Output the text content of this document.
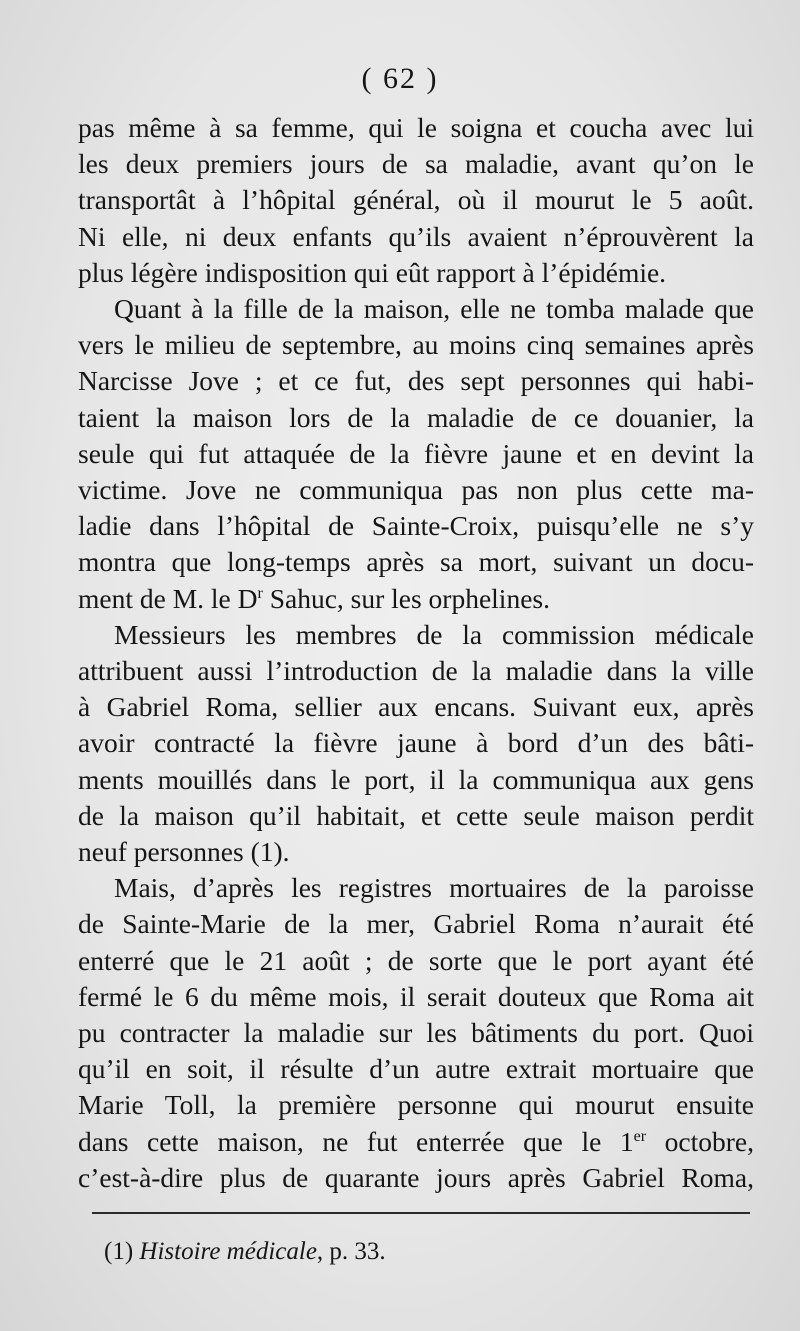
( 62 )

pas même à sa femme, qui le soigna et coucha avec lui
les deux premiers jours de sa maladie, avant qu’on le
transportât à l’hôpital général, où il mourut le 5 août.
Ni elle, ni deux enfants qu’ils avaient n’éprouvèrent la
plus légère indisposition qui eût rapport à l’épidémie.

Quant à la fille de la maison, elle ne tomba malade que
vers le milieu de septembre, au moins cinq semaines après
Narcisse Jove ; et ce fut, des sept personnes qui habi-
taient la maison lors de la maladie de ce douanier, la
seule qui fut attaquée de la fièvre jaune et en devint la
victime. Jove ne communiqua pas non plus cette ma-
ladie dans l’hôpital de Sainte-Croix, puisqu’elle ne s’y
montra que long-temps après sa mort, suivant un docu-
ment de M. le $D^r$ Sahuc, sur les orphelines.

Messieurs les membres de la commission médicale
attribuent aussi l’introduction de la maladie dans la ville
à Gabriel Roma, sellier aux encans. Suivant eux, après
avoir contracté la fièvre jaune à bord d’un des bâti-
ments mouillés dans le port, il la communiqua aux gens
de la maison qu’il habitait, et cette seule maison perdit
neuf personnes (1).

Mais, d’après les registres mortuaires de la paroisse
de Sainte-Marie de la mer, Gabriel Roma n’aurait été
enterré que le 21 août ; de sorte que le port ayant été
fermé le 6 du même mois, il serait douteux que Roma ait
pu contracter la maladie sur les bâtiments du port. Quoi
qu’il en soit, il résulte d’un autre extrait mortuaire que
Marie Toll, la première personne qui mourut ensuite
dans cette maison, ne fut enterrée que le 1er octobre,
c’est-à-dire plus de quarante jours après Gabriel Roma,

(1) Histoire médicale, p. 33.
